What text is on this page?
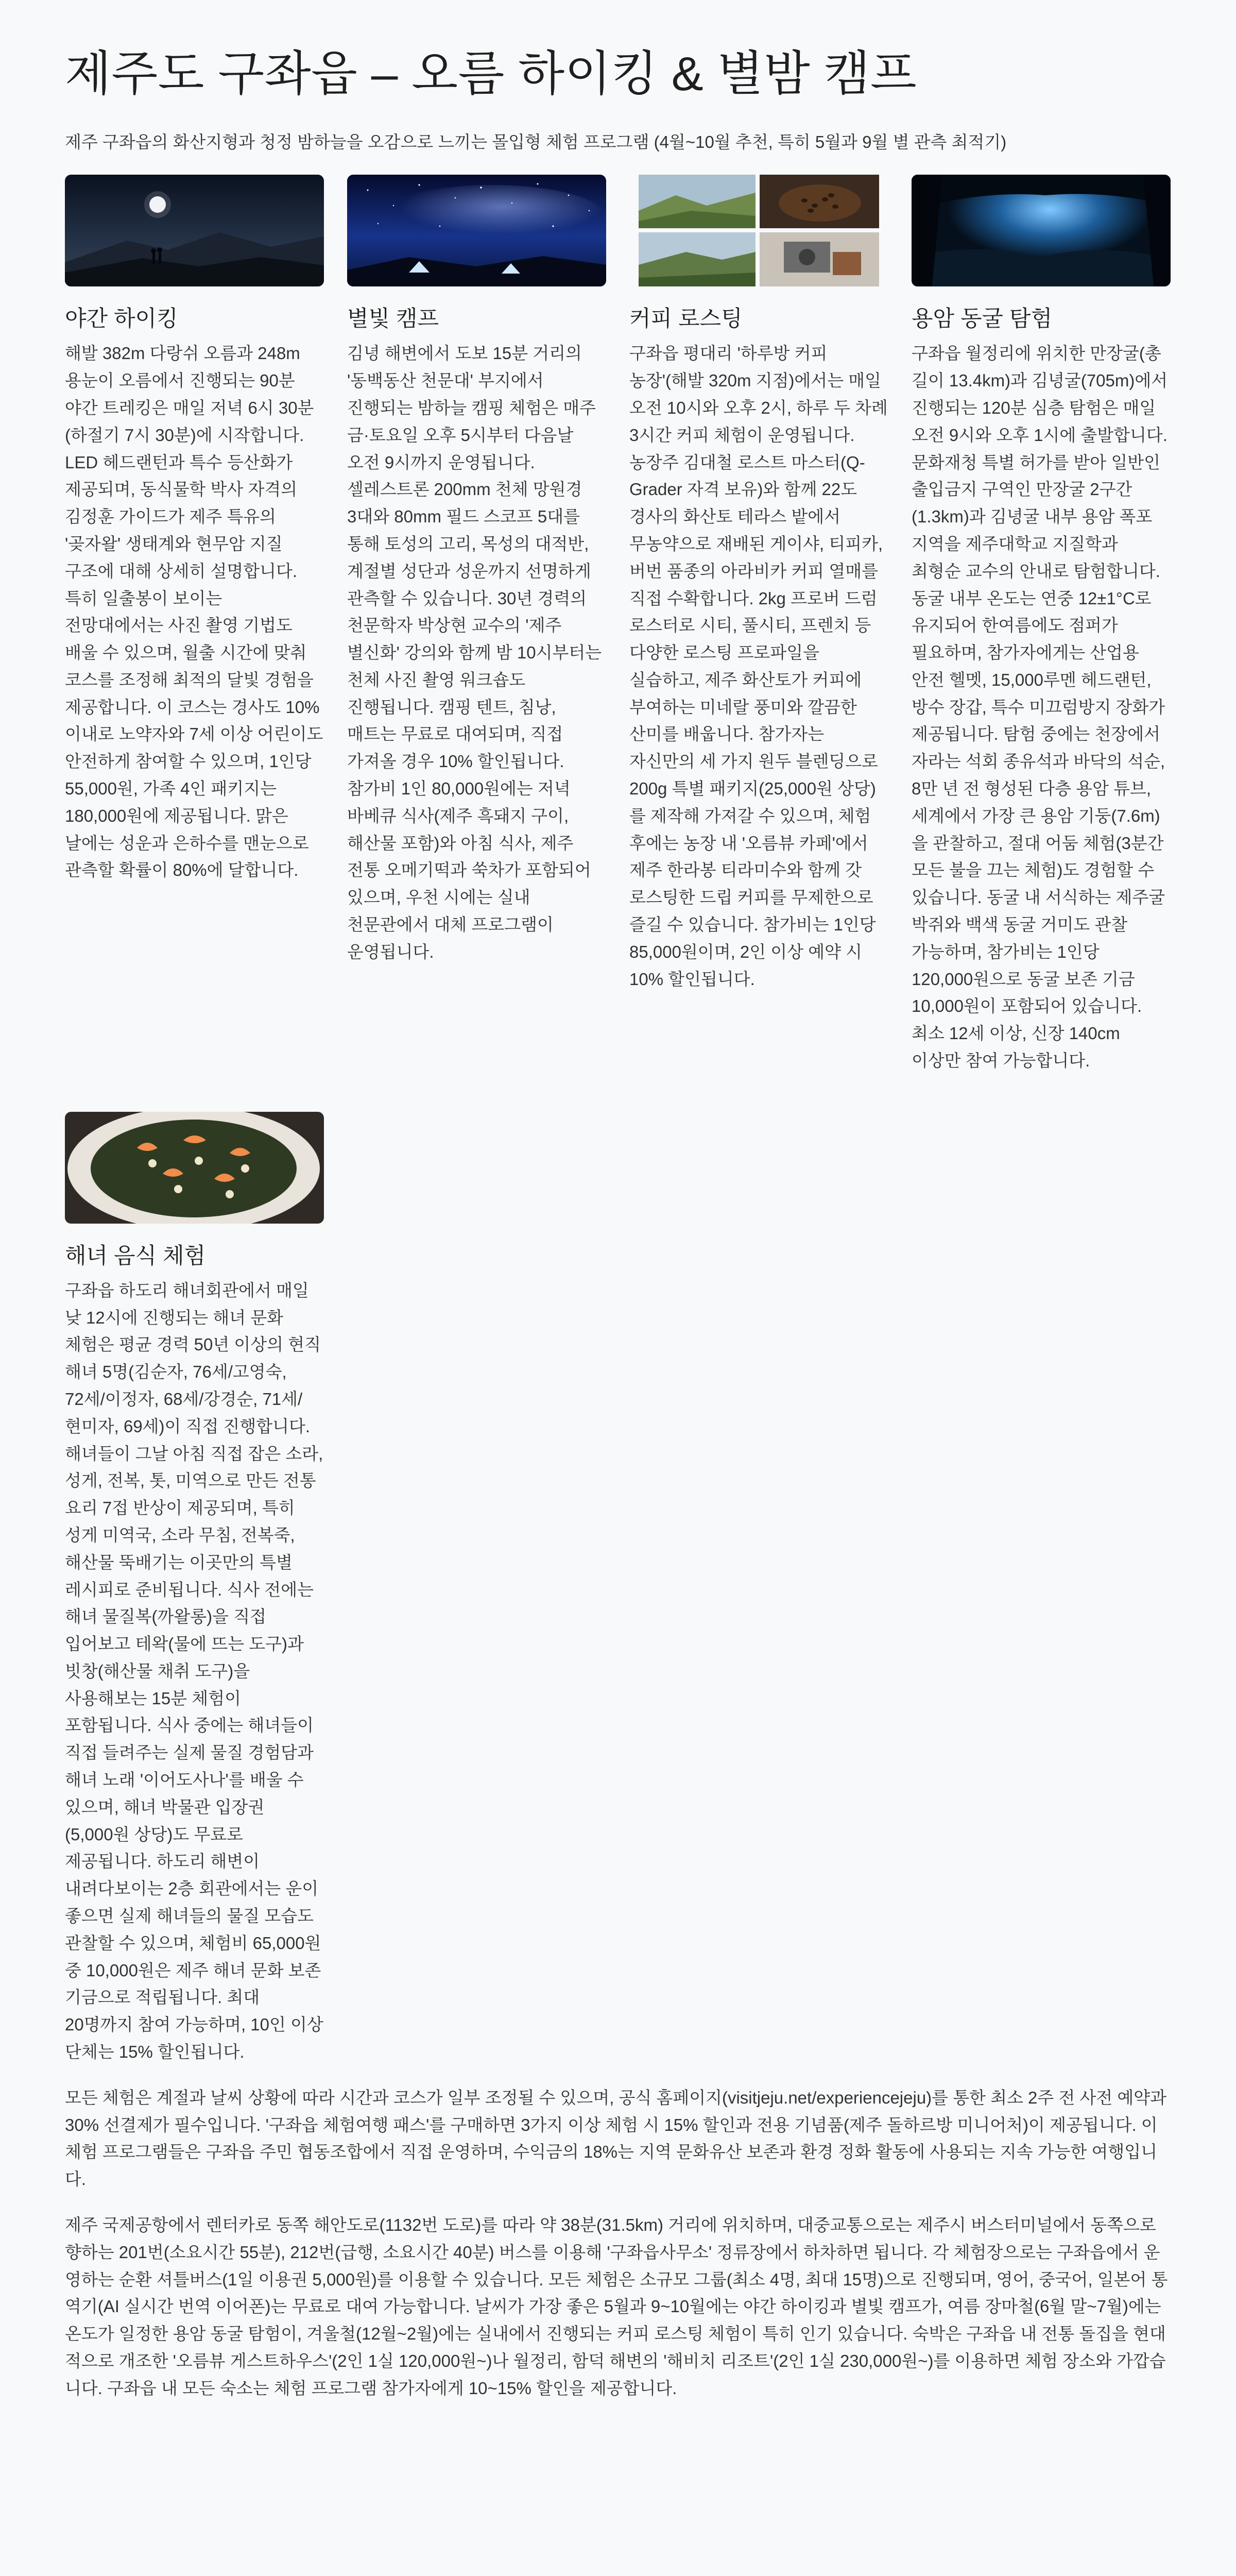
제주도 구좌읍 – 오름 하이킹 & 별밤 캠프

제주 구좌읍의 화산지형과 청정 밤하늘을 오감으로 느끼는 몰입형 체험 프로그램 (4월~10월 추천, 특히 5월과 9월 별 관측 최적기)

야간 하이킹

해발 382m 다랑쉬 오름과 248m 용눈이 오름에서 진행되는 90분 야간 트레킹은 매일 저녁 6시 30분(하절기 7시 30분)에 시작합니다. LED 헤드랜턴과 특수 등산화가 제공되며, 동식물학 박사 자격의 김정훈 가이드가 제주 특유의 '곶자왈' 생태계와 현무암 지질 구조에 대해 상세히 설명합니다. 특히 일출봉이 보이는 전망대에서는 사진 촬영 기법도 배울 수 있으며, 월출 시간에 맞춰 코스를 조정해 최적의 달빛 경험을 제공합니다. 이 코스는 경사도 10% 이내로 노약자와 7세 이상 어린이도 안전하게 참여할 수 있으며, 1인당 55,000원, 가족 4인 패키지는 180,000원에 제공됩니다. 맑은 날에는 성운과 은하수를 맨눈으로 관측할 확률이 80%에 달합니다.

별빛 캠프

김녕 해변에서 도보 15분 거리의 '동백동산 천문대' 부지에서 진행되는 밤하늘 캠핑 체험은 매주 금·토요일 오후 5시부터 다음날 오전 9시까지 운영됩니다. 셀레스트론 200mm 천체 망원경 3대와 80mm 필드 스코프 5대를 통해 토성의 고리, 목성의 대적반, 계절별 성단과 성운까지 선명하게 관측할 수 있습니다. 30년 경력의 천문학자 박상현 교수의 '제주 별신화' 강의와 함께 밤 10시부터는 천체 사진 촬영 워크숍도 진행됩니다. 캠핑 텐트, 침낭, 매트는 무료로 대여되며, 직접 가져올 경우 10% 할인됩니다. 참가비 1인 80,000원에는 저녁 바베큐 식사(제주 흑돼지 구이, 해산물 포함)와 아침 식사, 제주 전통 오메기떡과 쑥차가 포함되어 있으며, 우천 시에는 실내 천문관에서 대체 프로그램이 운영됩니다.

커피 로스팅

구좌읍 평대리 '하루방 커피 농장'(해발 320m 지점)에서는 매일 오전 10시와 오후 2시, 하루 두 차례 3시간 커피 체험이 운영됩니다. 농장주 김대철 로스트 마스터(Q-Grader 자격 보유)와 함께 22도 경사의 화산토 테라스 밭에서 무농약으로 재배된 게이샤, 티피카, 버번 품종의 아라비카 커피 열매를 직접 수확합니다. 2kg 프로버 드럼 로스터로 시티, 풀시티, 프렌치 등 다양한 로스팅 프로파일을 실습하고, 제주 화산토가 커피에 부여하는 미네랄 풍미와 깔끔한 산미를 배웁니다. 참가자는 자신만의 세 가지 원두 블렌딩으로 200g 특별 패키지(25,000원 상당)를 제작해 가져갈 수 있으며, 체험 후에는 농장 내 '오름뷰 카페'에서 제주 한라봉 티라미수와 함께 갓 로스팅한 드립 커피를 무제한으로 즐길 수 있습니다. 참가비는 1인당 85,000원이며, 2인 이상 예약 시 10% 할인됩니다.

용암 동굴 탐험

구좌읍 월정리에 위치한 만장굴(총 길이 13.4km)과 김녕굴(705m)에서 진행되는 120분 심층 탐험은 매일 오전 9시와 오후 1시에 출발합니다. 문화재청 특별 허가를 받아 일반인 출입금지 구역인 만장굴 2구간(1.3km)과 김녕굴 내부 용암 폭포 지역을 제주대학교 지질학과 최형순 교수의 안내로 탐험합니다. 동굴 내부 온도는 연중 12±1°C로 유지되어 한여름에도 점퍼가 필요하며, 참가자에게는 산업용 안전 헬멧, 15,000루멘 헤드랜턴, 방수 장갑, 특수 미끄럼방지 장화가 제공됩니다. 탐험 중에는 천장에서 자라는 석회 종유석과 바닥의 석순, 8만 년 전 형성된 다층 용암 튜브, 세계에서 가장 큰 용암 기둥(7.6m)을 관찰하고, 절대 어둠 체험(3분간 모든 불을 끄는 체험)도 경험할 수 있습니다. 동굴 내 서식하는 제주굴 박쥐와 백색 동굴 거미도 관찰 가능하며, 참가비는 1인당 120,000원으로 동굴 보존 기금 10,000원이 포함되어 있습니다. 최소 12세 이상, 신장 140cm 이상만 참여 가능합니다.

해녀 음식 체험

구좌읍 하도리 해녀회관에서 매일 낮 12시에 진행되는 해녀 문화 체험은 평균 경력 50년 이상의 현직 해녀 5명(김순자, 76세/고영숙, 72세/이정자, 68세/강경순, 71세/현미자, 69세)이 직접 진행합니다. 해녀들이 그날 아침 직접 잡은 소라, 성게, 전복, 톳, 미역으로 만든 전통 요리 7접 반상이 제공되며, 특히 성게 미역국, 소라 무침, 전복죽, 해산물 뚝배기는 이곳만의 특별 레시피로 준비됩니다. 식사 전에는 해녀 물질복(까왈롱)을 직접 입어보고 테왁(물에 뜨는 도구)과 빗창(해산물 채취 도구)을 사용해보는 15분 체험이 포함됩니다. 식사 중에는 해녀들이 직접 들려주는 실제 물질 경험담과 해녀 노래 '이어도사나'를 배울 수 있으며, 해녀 박물관 입장권(5,000원 상당)도 무료로 제공됩니다. 하도리 해변이 내려다보이는 2층 회관에서는 운이 좋으면 실제 해녀들의 물질 모습도 관찰할 수 있으며, 체험비 65,000원 중 10,000원은 제주 해녀 문화 보존 기금으로 적립됩니다. 최대 20명까지 참여 가능하며, 10인 이상 단체는 15% 할인됩니다.

모든 체험은 계절과 날씨 상황에 따라 시간과 코스가 일부 조정될 수 있으며, 공식 홈페이지(visitjeju.net/experiencejeju)를 통한 최소 2주 전 사전 예약과 30% 선결제가 필수입니다. '구좌읍 체험여행 패스'를 구매하면 3가지 이상 체험 시 15% 할인과 전용 기념품(제주 돌하르방 미니어처)이 제공됩니다. 이 체험 프로그램들은 구좌읍 주민 협동조합에서 직접 운영하며, 수익금의 18%는 지역 문화유산 보존과 환경 정화 활동에 사용되는 지속 가능한 여행입니다.

제주 국제공항에서 렌터카로 동쪽 해안도로(1132번 도로)를 따라 약 38분(31.5km) 거리에 위치하며, 대중교통으로는 제주시 버스터미널에서 동쪽으로 향하는 201번(소요시간 55분), 212번(급행, 소요시간 40분) 버스를 이용해 '구좌읍사무소' 정류장에서 하차하면 됩니다. 각 체험장으로는 구좌읍에서 운영하는 순환 셔틀버스(1일 이용권 5,000원)를 이용할 수 있습니다. 모든 체험은 소규모 그룹(최소 4명, 최대 15명)으로 진행되며, 영어, 중국어, 일본어 통역기(AI 실시간 번역 이어폰)는 무료로 대여 가능합니다. 날씨가 가장 좋은 5월과 9~10월에는 야간 하이킹과 별빛 캠프가, 여름 장마철(6월 말~7월)에는 온도가 일정한 용암 동굴 탐험이, 겨울철(12월~2월)에는 실내에서 진행되는 커피 로스팅 체험이 특히 인기 있습니다. 숙박은 구좌읍 내 전통 돌집을 현대적으로 개조한 '오름뷰 게스트하우스'(2인 1실 120,000원~)나 월정리, 함덕 해변의 '해비치 리조트'(2인 1실 230,000원~)를 이용하면 체험 장소와 가깝습니다. 구좌읍 내 모든 숙소는 체험 프로그램 참가자에게 10~15% 할인을 제공합니다.
